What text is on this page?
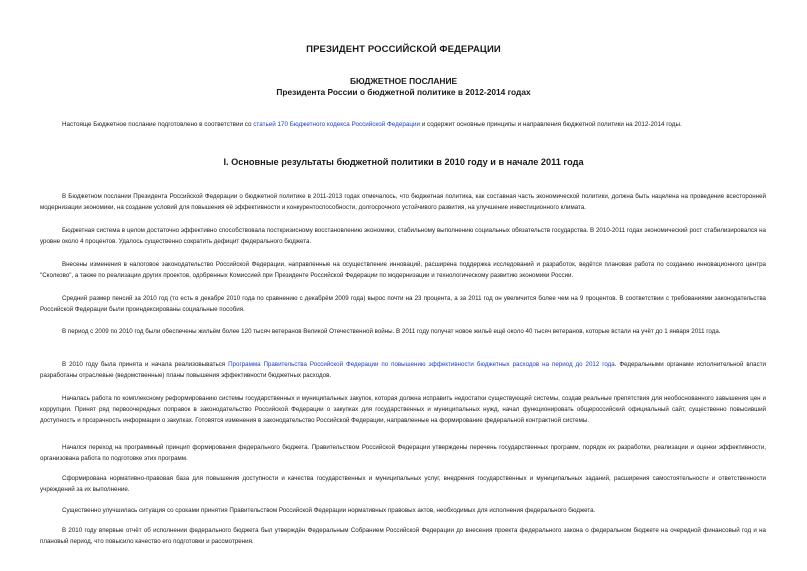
ПРЕЗИДЕНТ РОССИЙСКОЙ ФЕДЕРАЦИИ
БЮДЖЕТНОЕ ПОСЛАНИЕ
Президента России о бюджетной политике в 2012-2014 годах
Настояще Бюджетное послание подготовлено в соответствии со статьей 170 Бюджетного кодекса Российской Федерации и содержит основные принципы и направления бюджетной политики на 2012-2014 годы.
I. Основные результаты бюджетной политики в 2010 году и в начале 2011 года

В Бюджетном послании Президента Российской Федерации о бюджетной политике в 2011-2013 годах отмечалось, что бюджетная политика, как составная часть экономической политики, должна быть нацелена на проведение всесторонней модернизации экономики, на создание условий для повышения её эффективности и конкурентоспособности, долгосрочного устойчивого развития, на улучшение инвестиционного климата.

Бюджетная система в целом достаточно эффективно способствовала посткризисному восстановлению экономики, стабильному выполнению социальных обязательств государства. В 2010-2011 годах экономический рост стабилизировался на уровне около 4 процентов. Удалось существенно сократить дефицит федерального бюджета.

Внесены изменения в налоговое законодательство Российской Федерации, направленные на осуществление инноваций, расширена поддержка исследований и разработок, ведётся плановая работа по созданию инновационного центра "Сколково", а также по реализации других проектов, одобренных Комиссией при Президенте Российской Федерации по модернизации и технологическому развитию экономики России.

Средний размер пенсий за 2010 год (то есть в декабре 2010 года по сравнению с декабрём 2009 года) вырос почти на 23 процента, а за 2011 год он увеличится более чем на 9 процентов. В соответствии с требованиями законодательства Российской Федерации были проиндексированы социальные пособия.

В период с 2009 по 2010 год были обеспечены жильём более 120 тысяч ветеранов Великой Отечественной войны. В 2011 году получат новое жильё ещё около 40 тысяч ветеранов, которые встали на учёт до 1 января 2011 года.

В 2010 году была принята и начала реализовываться Программа Правительства Российской Федерации по повышению эффективности бюджетных расходов на период до 2012 года. Федеральными органами исполнительной власти разработаны отраслевые (ведомственные) планы повышения эффективности бюджетных расходов.

Началась работа по комплексному реформированию системы государственных и муниципальных закупок, которая должна исправить недостатки существующей системы, создав реальные препятствия для необоснованного завышения цен и коррупции. Принят ряд первоочередных поправок в законодательство Российской Федерации о закупках для государственных и муниципальных нужд, начал функционировать общероссийский официальный сайт, существенно повысивший доступность и прозрачность информации о закупках. Готовятся изменения в законодательство Российской Федерации, направленные на формирование федеральной контрактной системы.

Начался переход на программный принцип формирования федерального бюджета. Правительством Российской Федерации утверждены перечень государственных программ, порядок их разработки, реализации и оценки эффективности, организована работа по подготовке этих программ.

Сформирована нормативно-правовая база для повышения доступности и качества государственных и муниципальных услуг, внедрения государственных и муниципальных заданий, расширения самостоятельности и ответственности учреждений за их выполнение.

Существенно улучшилась ситуация со сроками принятия Правительством Российской Федерации нормативных правовых актов, необходимых для исполнения федерального бюджета.

В 2010 году впервые отчёт об исполнении федерального бюджета был утверждён Федеральным Собранием Российской Федерации до внесения проекта федерального закона о федеральном бюджете на очередной финансовый год и на плановый период, что повысило качество его подготовки и рассмотрения.
